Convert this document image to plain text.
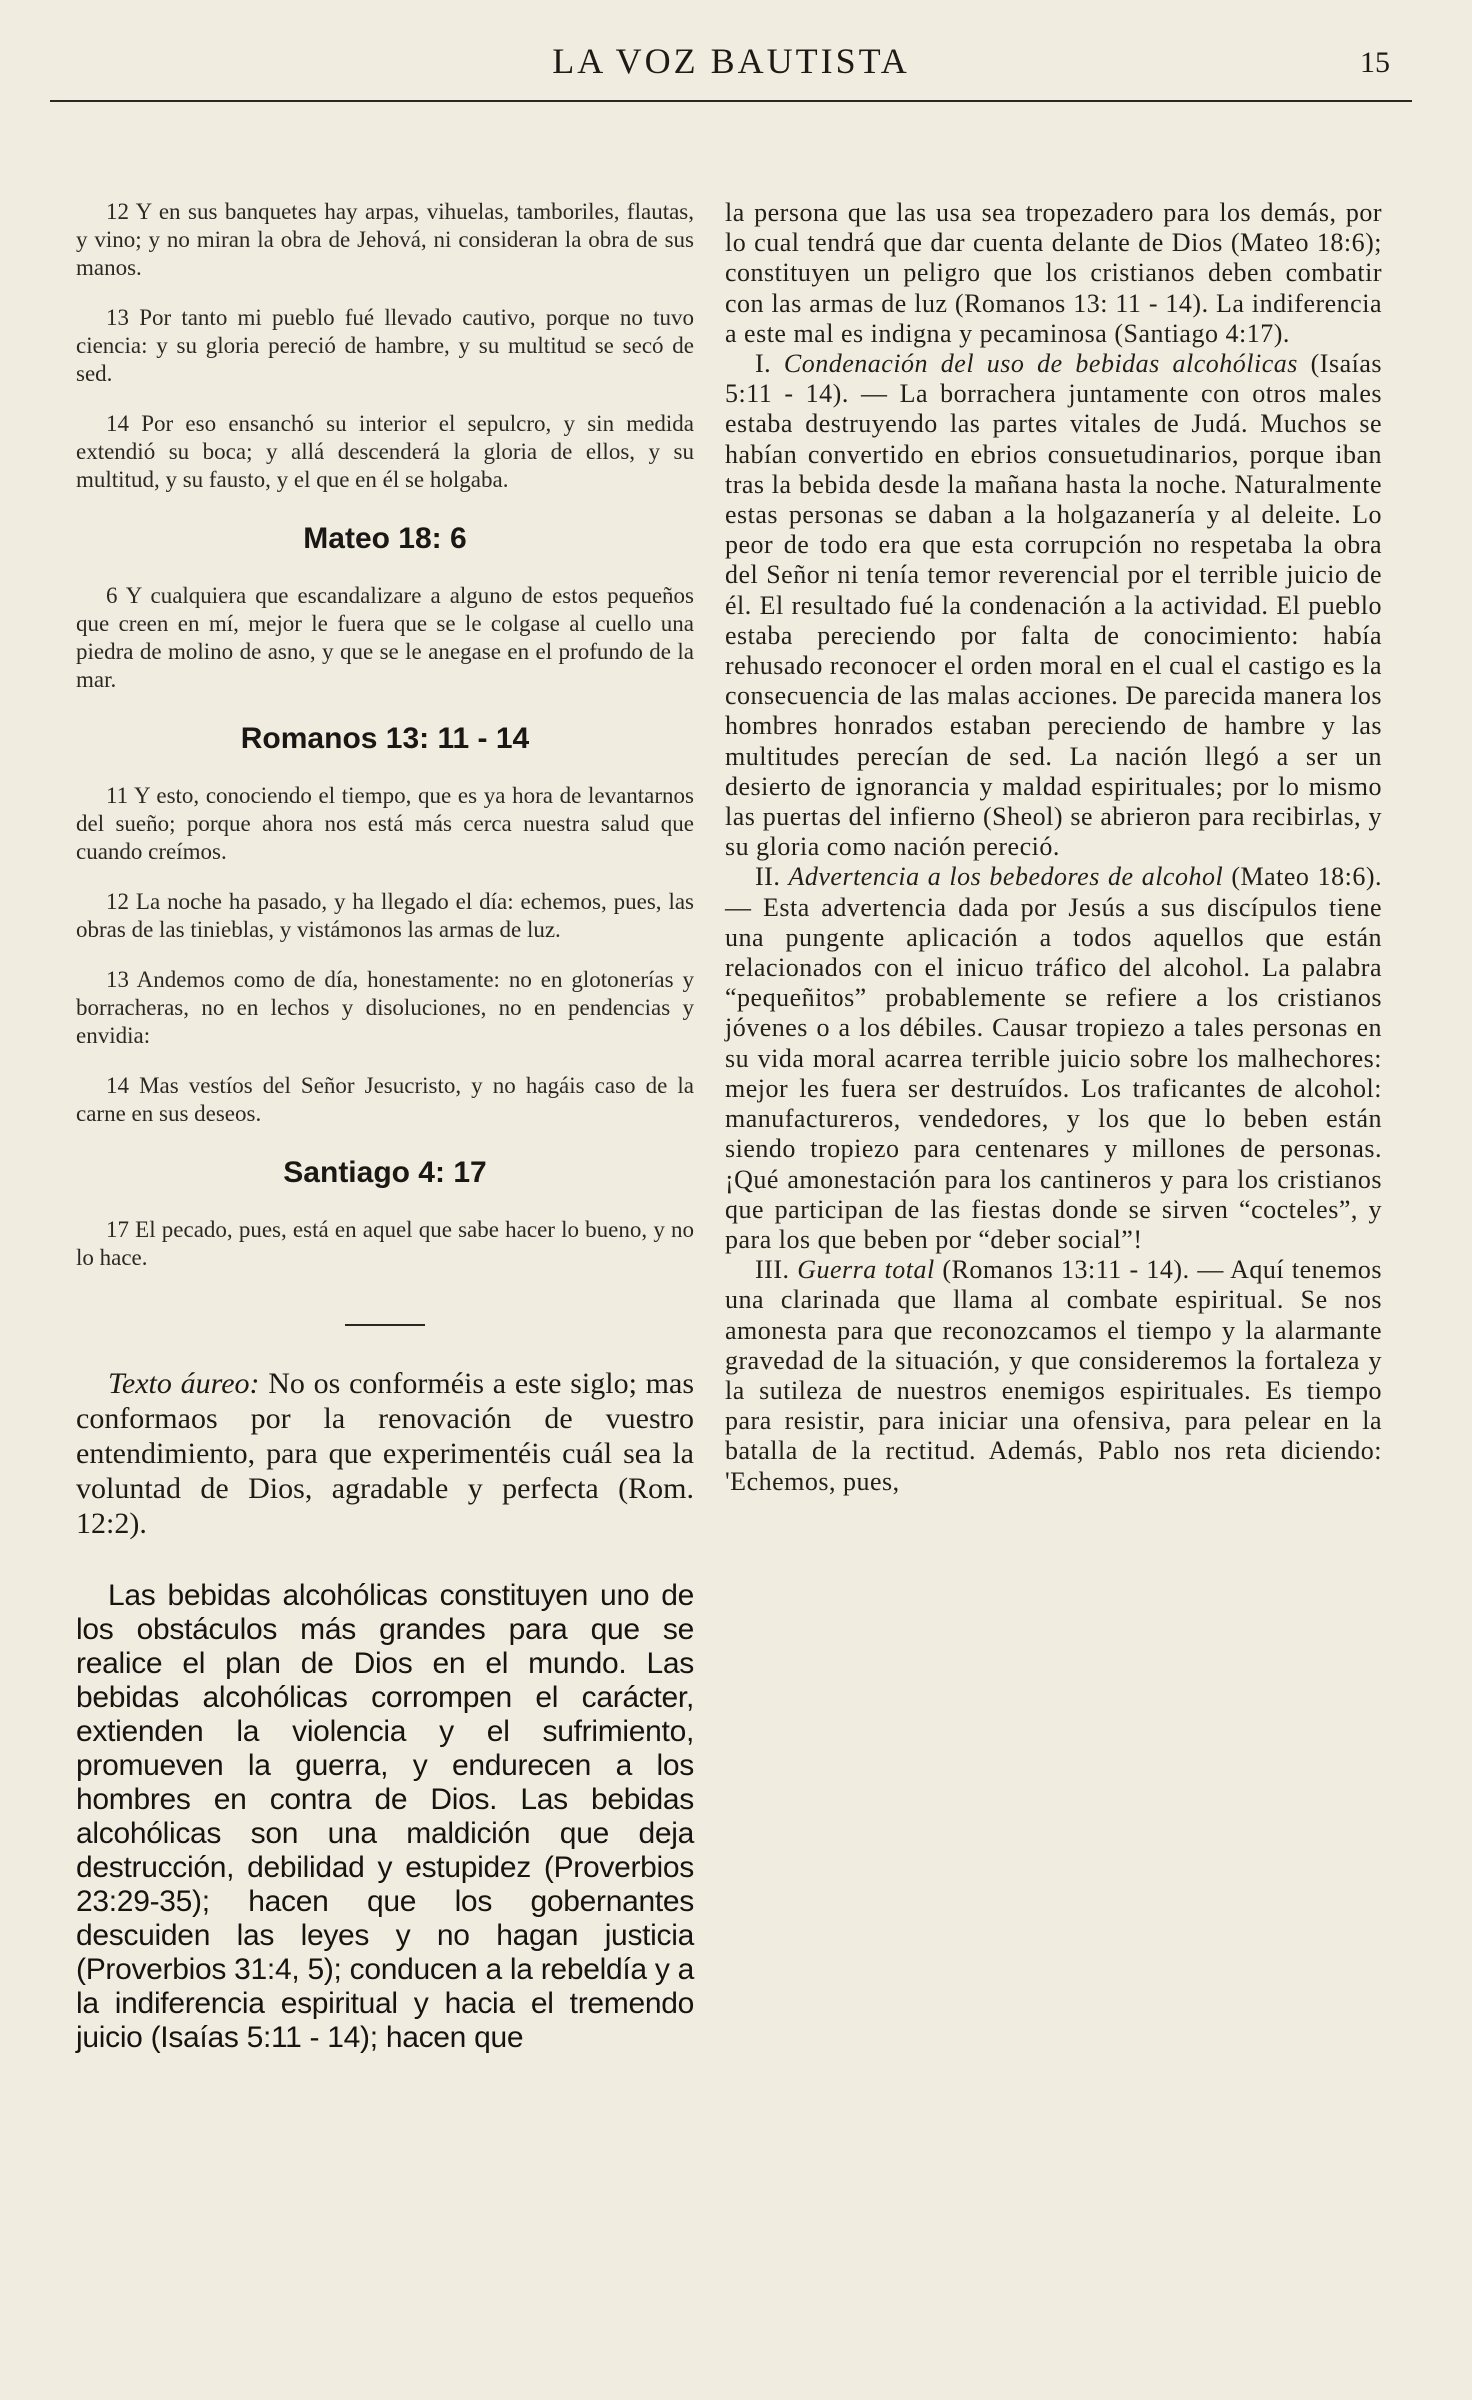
LA VOZ BAUTISTA	15

12 Y en sus banquetes hay arpas, vihuelas, tamboriles, flautas, y vino; y no miran la obra de Jehová, ni consideran la obra de sus manos.

13 Por tanto mi pueblo fué llevado cautivo, porque no tuvo ciencia: y su gloria pereció de hambre, y su multitud se secó de sed.

14 Por eso ensanchó su interior el sepulcro, y sin medida extendió su boca; y allá descenderá la gloria de ellos, y su multitud, y su fausto, y el que en él se holgaba.

Mateo 18: 6

6 Y cualquiera que escandalizare a alguno de estos pequeños que creen en mí, mejor le fuera que se le colgase al cuello una piedra de molino de asno, y que se le anegase en el profundo de la mar.

Romanos 13: 11 - 14

11 Y esto, conociendo el tiempo, que es ya hora de levantarnos del sueño; porque ahora nos está más cerca nuestra salud que cuando creímos.

12 La noche ha pasado, y ha llegado el día: echemos, pues, las obras de las tinieblas, y vistámonos las armas de luz.

13 Andemos como de día, honestamente: no en glotonerías y borracheras, no en lechos y disoluciones, no en pendencias y envidia:

14 Mas vestíos del Señor Jesucristo, y no hagáis caso de la carne en sus deseos.

Santiago 4: 17

17 El pecado, pues, está en aquel que sabe hacer lo bueno, y no lo hace.

Texto áureo: No os conforméis a este siglo; mas conformaos por la renovación de vuestro entendimiento, para que experimentéis cuál sea la voluntad de Dios, agradable y perfecta (Rom. 12:2).

Las bebidas alcohólicas constituyen uno de los obstáculos más grandes para que se realice el plan de Dios en el mundo. Las bebidas alcohólicas corrompen el carácter, extienden la violencia y el sufrimiento, promueven la guerra, y endurecen a los hombres en contra de Dios. Las bebidas alcohólicas son una maldición que deja destrucción, debilidad y estupidez (Proverbios 23:29-35); hacen que los gobernantes descuiden las leyes y no hagan justicia (Proverbios 31:4, 5); conducen a la rebeldía y a la indiferencia espiritual y hacia el tremendo juicio (Isaías 5:11 - 14); hacen que

la persona que las usa sea tropezadero para los demás, por lo cual tendrá que dar cuenta delante de Dios (Mateo 18:6); constituyen un peligro que los cristianos deben combatir con las armas de luz (Romanos 13: 11 - 14). La indiferencia a este mal es indigna y pecaminosa (Santiago 4:17).

I. Condenación del uso de bebidas alcohólicas (Isaías 5:11 - 14). — La borrachera juntamente con otros males estaba destruyendo las partes vitales de Judá. Muchos se habían convertido en ebrios consuetudinarios, porque iban tras la bebida desde la mañana hasta la noche. Naturalmente estas personas se daban a la holgazanería y al deleite. Lo peor de todo era que esta corrupción no respetaba la obra del Señor ni tenía temor reverencial por el terrible juicio de él. El resultado fué la condenación a la actividad. El pueblo estaba pereciendo por falta de conocimiento: había rehusado reconocer el orden moral en el cual el castigo es la consecuencia de las malas acciones. De parecida manera los hombres honrados estaban pereciendo de hambre y las multitudes perecían de sed. La nación llegó a ser un desierto de ignorancia y maldad espirituales; por lo mismo las puertas del infierno (Sheol) se abrieron para recibirlas, y su gloria como nación pereció.

II. Advertencia a los bebedores de alcohol (Mateo 18:6). — Esta advertencia dada por Jesús a sus discípulos tiene una pungente aplicación a todos aquellos que están relacionados con el inicuo tráfico del alcohol. La palabra “pequeñitos” probablemente se refiere a los cristianos jóvenes o a los débiles. Causar tropiezo a tales personas en su vida moral acarrea terrible juicio sobre los malhechores: mejor les fuera ser destruídos. Los traficantes de alcohol: manufactureros, vendedores, y los que lo beben están siendo tropiezo para centenares y millones de personas. ¡Qué amonestación para los cantineros y para los cristianos que participan de las fiestas donde se sirven “cocteles”, y para los que beben por “deber social”!

III. Guerra total (Romanos 13:11 - 14). — Aquí tenemos una clarinada que llama al combate espiritual. Se nos amonesta para que reconozcamos el tiempo y la alarmante gravedad de la situación, y que consideremos la fortaleza y la sutileza de nuestros enemigos espirituales. Es tiempo para resistir, para iniciar una ofensiva, para pelear en la batalla de la rectitud. Además, Pablo nos reta diciendo: 'Echemos, pues,
